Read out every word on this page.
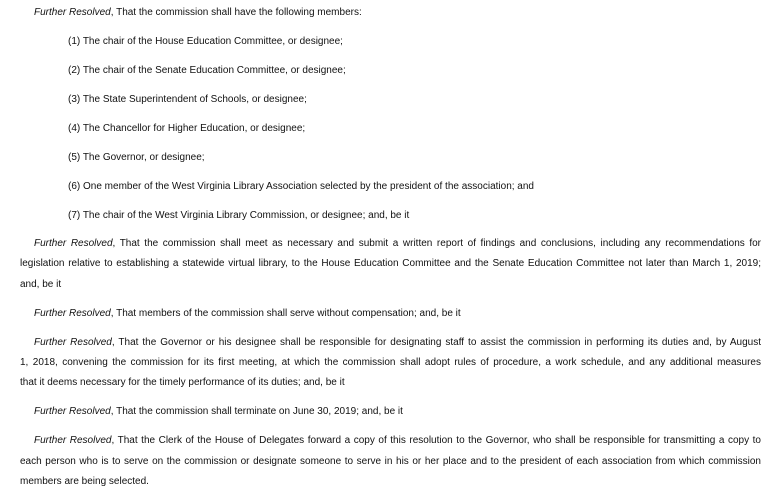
Further Resolved, That the commission shall have the following members:
(1) The chair of the House Education Committee, or designee;
(2) The chair of the Senate Education Committee, or designee;
(3) The State Superintendent of Schools, or designee;
(4) The Chancellor for Higher Education, or designee;
(5) The Governor, or designee;
(6) One member of the West Virginia Library Association selected by the president of the association; and
(7) The chair of the West Virginia Library Commission, or designee; and, be it
Further Resolved, That the commission shall meet as necessary and submit a written report of findings and conclusions, including any recommendations for
legislation relative to establishing a statewide virtual library, to the House Education Committee and the Senate Education Committee not later than March 1, 2019;
and, be it
Further Resolved, That members of the commission shall serve without compensation; and, be it
Further Resolved, That the Governor or his designee shall be responsible for designating staff to assist the commission in performing its duties and, by August
1, 2018, convening the commission for its first meeting, at which the commission shall adopt rules of procedure, a work schedule, and any additional measures
that it deems necessary for the timely performance of its duties; and, be it
Further Resolved, That the commission shall terminate on June 30, 2019; and, be it
Further Resolved, That the Clerk of the House of Delegates forward a copy of this resolution to the Governor, who shall be responsible for transmitting a copy to
each person who is to serve on the commission or designate someone to serve in his or her place and to the president of each association from which commission
members are being selected.
